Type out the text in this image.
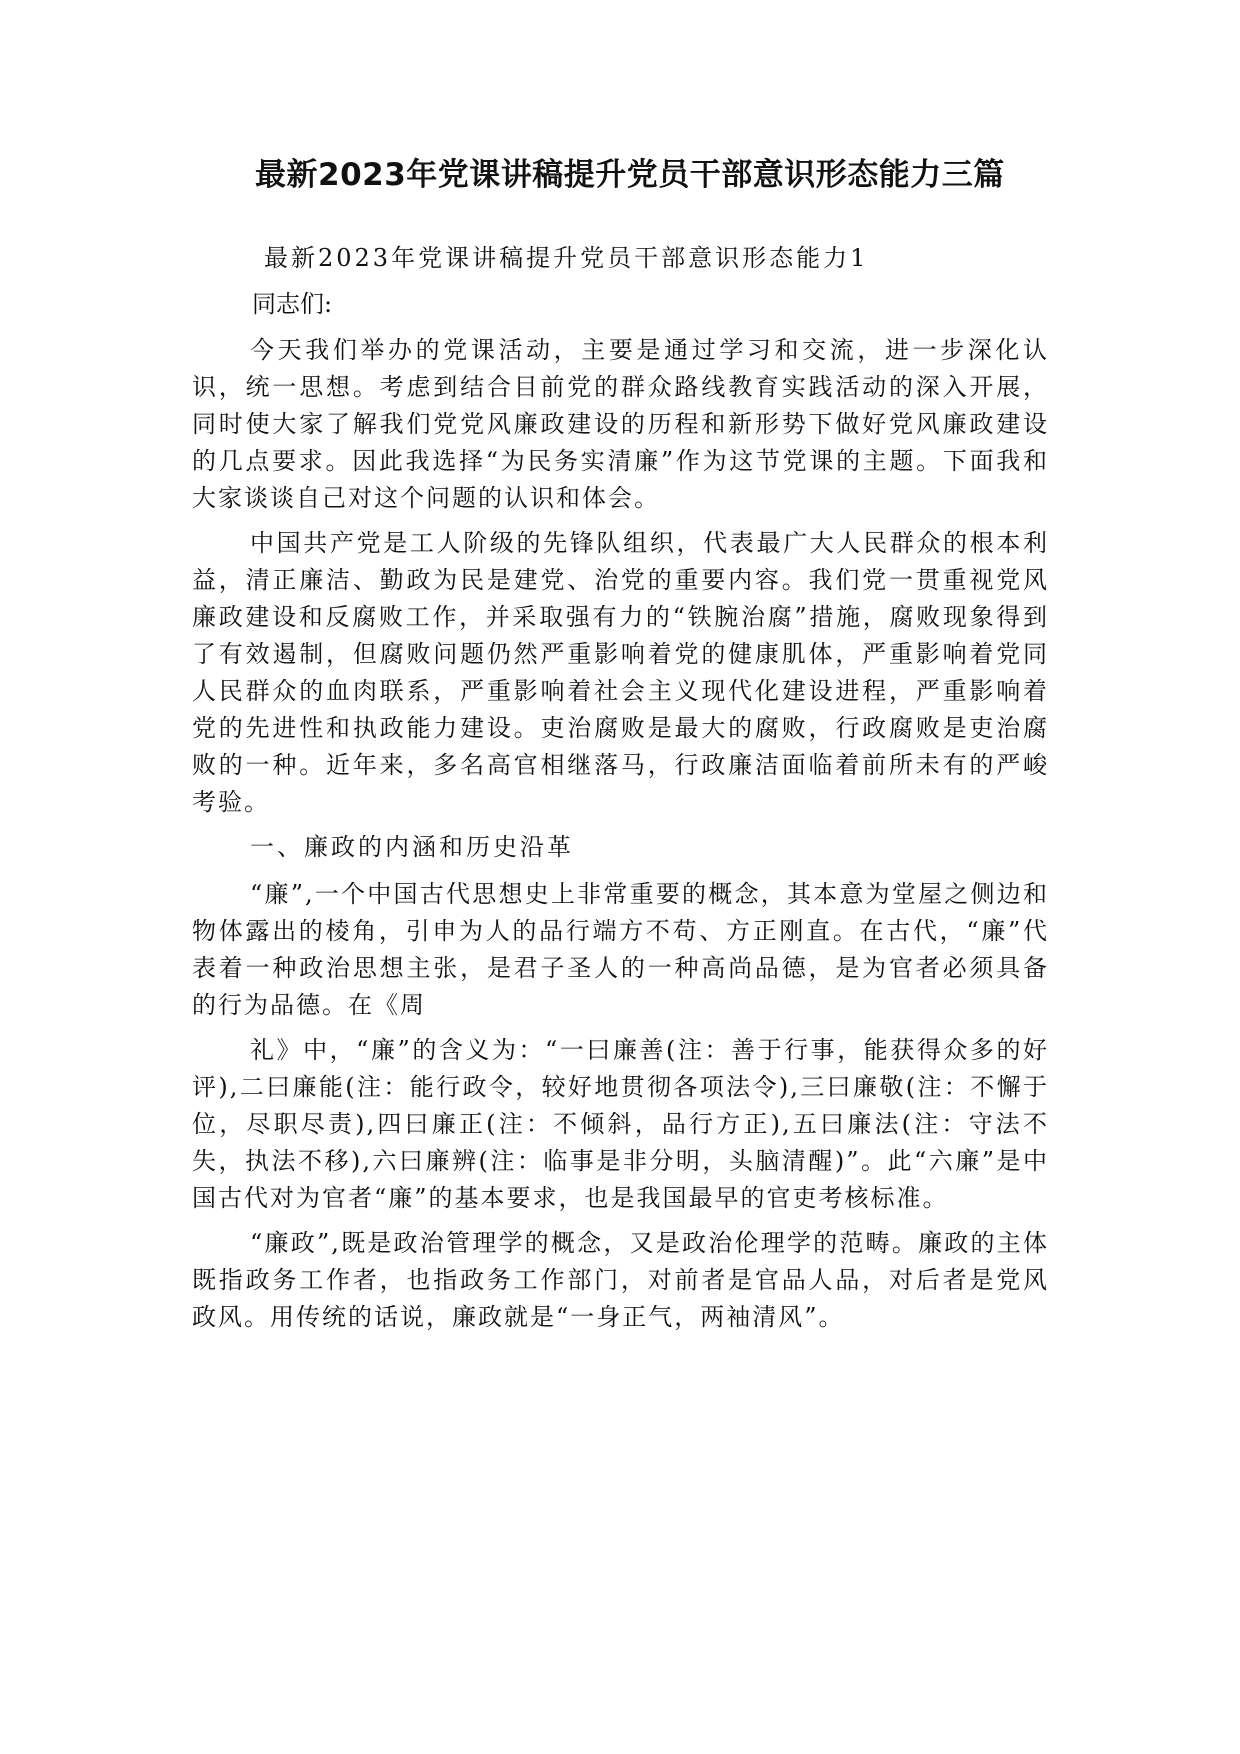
最新2023年党课讲稿提升党员干部意识形态能力三篇

最新2023年党课讲稿提升党员干部意识形态能力1

同志们:

今天我们举办的党课活动，主要是通过学习和交流，进一步深化认识，统一思想。考虑到结合目前党的群众路线教育实践活动的深入开展，同时使大家了解我们党党风廉政建设的历程和新形势下做好党风廉政建设的几点要求。因此我选择“为民务实清廉”作为这节党课的主题。下面我和大家谈谈自己对这个问题的认识和体会。

中国共产党是工人阶级的先锋队组织，代表最广大人民群众的根本利益，清正廉洁、勤政为民是建党、治党的重要内容。我们党一贯重视党风廉政建设和反腐败工作，并采取强有力的“铁腕治腐”措施，腐败现象得到了有效遏制，但腐败问题仍然严重影响着党的健康肌体，严重影响着党同人民群众的血肉联系，严重影响着社会主义现代化建设进程，严重影响着党的先进性和执政能力建设。吏治腐败是最大的腐败，行政腐败是吏治腐败的一种。近年来，多名高官相继落马，行政廉洁面临着前所未有的严峻考验。

一、廉政的内涵和历史沿革

“廉”,一个中国古代思想史上非常重要的概念，其本意为堂屋之侧边和物体露出的棱角，引申为人的品行端方不苟、方正刚直。在古代，“廉”代表着一种政治思想主张，是君子圣人的一种高尚品德，是为官者必须具备的行为品德。在《周

礼》中，“廉”的含义为：“一曰廉善(注：善于行事，能获得众多的好评),二曰廉能(注：能行政令，较好地贯彻各项法令),三曰廉敬(注：不懈于位，尽职尽责),四曰廉正(注：不倾斜，品行方正),五曰廉法(注：守法不失，执法不移),六曰廉辨(注：临事是非分明，头脑清醒)”。此“六廉”是中国古代对为官者“廉”的基本要求，也是我国最早的官吏考核标准。

“廉政”,既是政治管理学的概念，又是政治伦理学的范畴。廉政的主体既指政务工作者，也指政务工作部门，对前者是官品人品，对后者是党风政风。用传统的话说，廉政就是“一身正气，两袖清风”。
